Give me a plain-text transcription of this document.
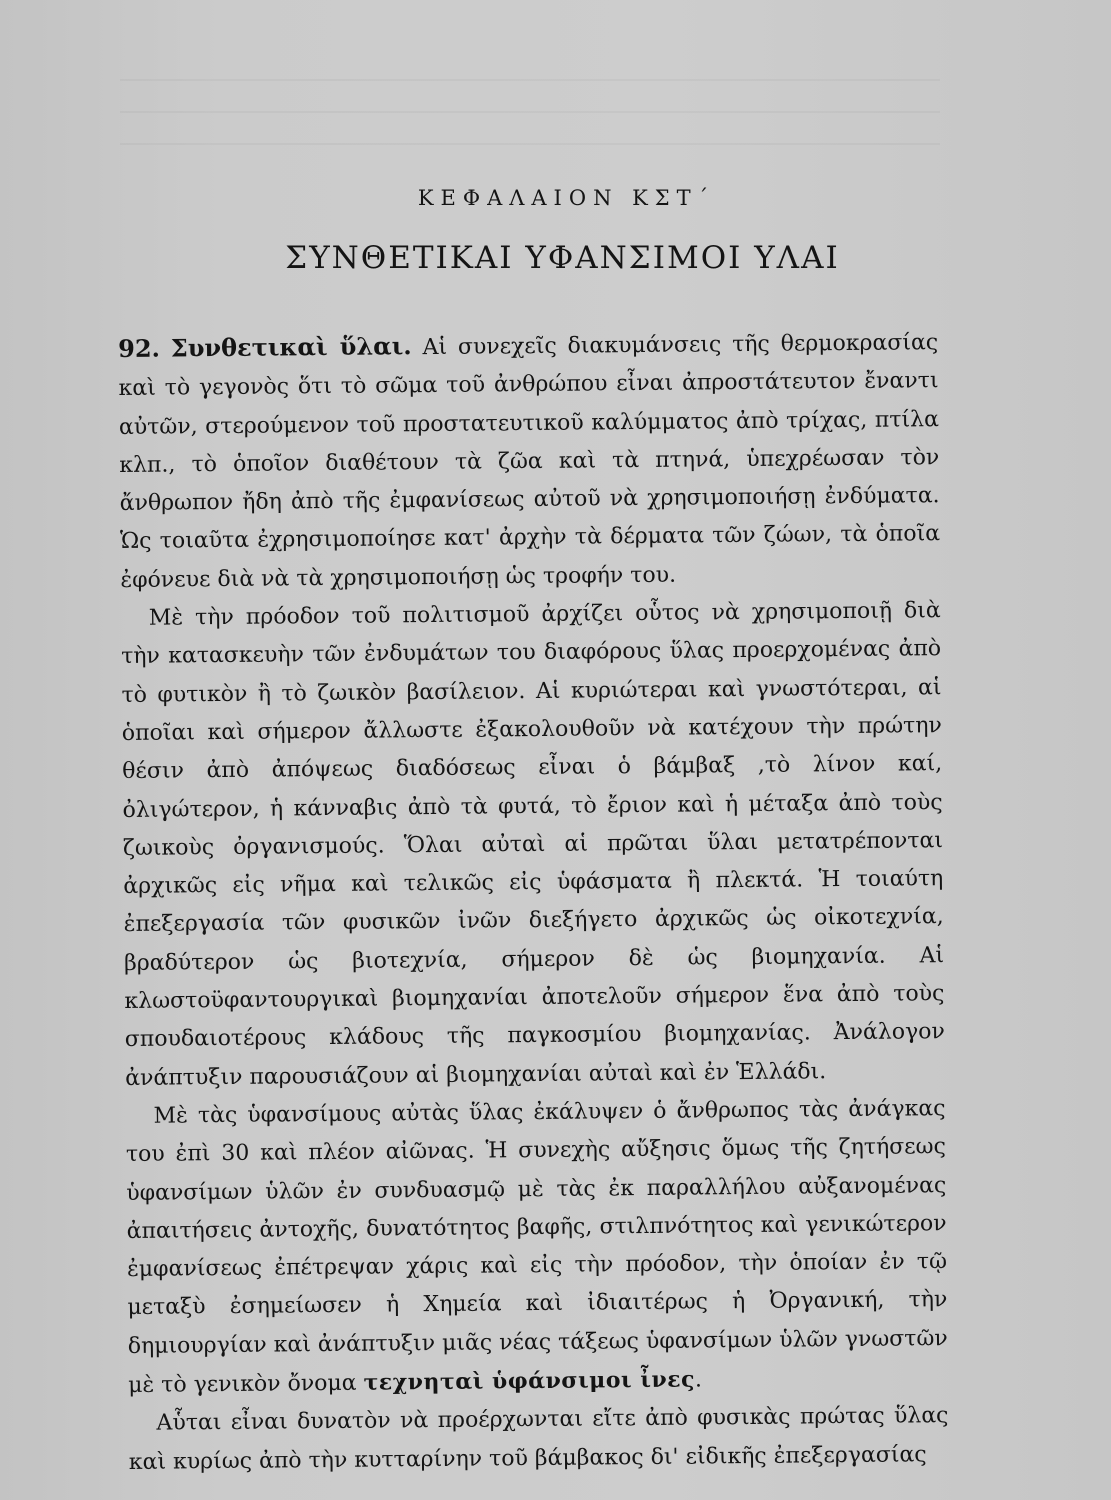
ΚΕΦΑΛΑΙΟΝ ΚΣΤ΄
ΣΥΝΘΕΤΙΚΑΙ ΥΦΑΝΣΙΜΟΙ ΥΛΑΙ

92. Συνθετικαὶ ὕλαι. Αἱ συνεχεῖς διακυμάνσεις τῆς θερμοκρασίας καὶ τὸ γεγονὸς ὅτι τὸ σῶμα τοῦ ἀνθρώπου εἶναι ἀπροστάτευτον ἔναντι αὐτῶν, στερούμενον τοῦ προστατευτικοῦ καλύμματος ἀπὸ τρίχας, πτίλα κλπ., τὸ ὁποῖον διαθέτουν τὰ ζῶα καὶ τὰ πτηνά, ὑπεχρέωσαν τὸν ἄνθρωπον ἤδη ἀπὸ τῆς ἐμφανίσεως αὐτοῦ νὰ χρησιμοποιήσῃ ἐνδύματα. Ὡς τοιαῦτα ἐχρησιμοποίησε κατ' ἀρχὴν τὰ δέρματα τῶν ζώων, τὰ ὁποῖα ἐφόνευε διὰ νὰ τὰ χρησιμοποιήσῃ ὡς τροφήν του.

Μὲ τὴν πρόοδον τοῦ πολιτισμοῦ ἀρχίζει οὗτος νὰ χρησιμοποιῇ διὰ τὴν κατασκευὴν τῶν ἐνδυμάτων του διαφόρους ὕλας προερχομένας ἀπὸ τὸ φυτικὸν ἢ τὸ ζωικὸν βασίλειον. Αἱ κυριώτεραι καὶ γνωστότεραι, αἱ ὁποῖαι καὶ σήμερον ἄλλωστε ἐξακολουθοῦν νὰ κατέχουν τὴν πρώτην θέσιν ἀπὸ ἀπόψεως διαδόσεως εἶναι ὁ βάμβαξ ,τὸ λίνον καί, ὀλιγώτερον, ἡ κάνναβις ἀπὸ τὰ φυτά, τὸ ἔριον καὶ ἡ μέταξα ἀπὸ τοὺς ζωικοὺς ὀργανισμούς. Ὅλαι αὐταὶ αἱ πρῶται ὕλαι μετατρέπονται ἀρχικῶς εἰς νῆμα καὶ τελικῶς εἰς ὑφάσματα ἢ πλεκτά. Ἡ τοιαύτη ἐπεξεργασία τῶν φυσικῶν ἰνῶν διεξήγετο ἀρχικῶς ὡς οἰκοτεχνία, βραδύτερον ὡς βιοτεχνία, σήμερον δὲ ὡς βιομηχανία. Αἱ κλωστοϋφαντουργικαὶ βιομηχανίαι ἀποτελοῦν σήμερον ἕνα ἀπὸ τοὺς σπουδαιοτέρους κλάδους τῆς παγκοσμίου βιομηχανίας. Ἀνάλογον ἀνάπτυξιν παρουσιάζουν αἱ βιομηχανίαι αὐταὶ καὶ ἐν Ἑλλάδι.

Μὲ τὰς ὑφανσίμους αὐτὰς ὕλας ἐκάλυψεν ὁ ἄνθρωπος τὰς ἀνάγκας του ἐπὶ 30 καὶ πλέον αἰῶνας. Ἡ συνεχὴς αὔξησις ὅμως τῆς ζητήσεως ὑφανσίμων ὑλῶν ἐν συνδυασμῷ μὲ τὰς ἐκ παραλλήλου αὐξανομένας ἀπαιτήσεις ἀντοχῆς, δυνατότητος βαφῆς, στιλπνότητος καὶ γενικώτερον ἐμφανίσεως ἐπέτρεψαν χάρις καὶ εἰς τὴν πρόοδον, τὴν ὁποίαν ἐν τῷ μεταξὺ ἐσημείωσεν ἡ Χημεία καὶ ἰδιαιτέρως ἡ Ὀργανική, τὴν δημιουργίαν καὶ ἀνάπτυξιν μιᾶς νέας τάξεως ὑφανσίμων ὑλῶν γνωστῶν μὲ τὸ γενικὸν ὄνομα τεχνηταὶ ὑφάνσιμοι ἶνες.

Αὗται εἶναι δυνατὸν νὰ προέρχωνται εἴτε ἀπὸ φυσικὰς πρώτας ὕλας καὶ κυρίως ἀπὸ τὴν κυτταρίνην τοῦ βάμβακος δι' εἰδικῆς ἐπεξεργασίας
